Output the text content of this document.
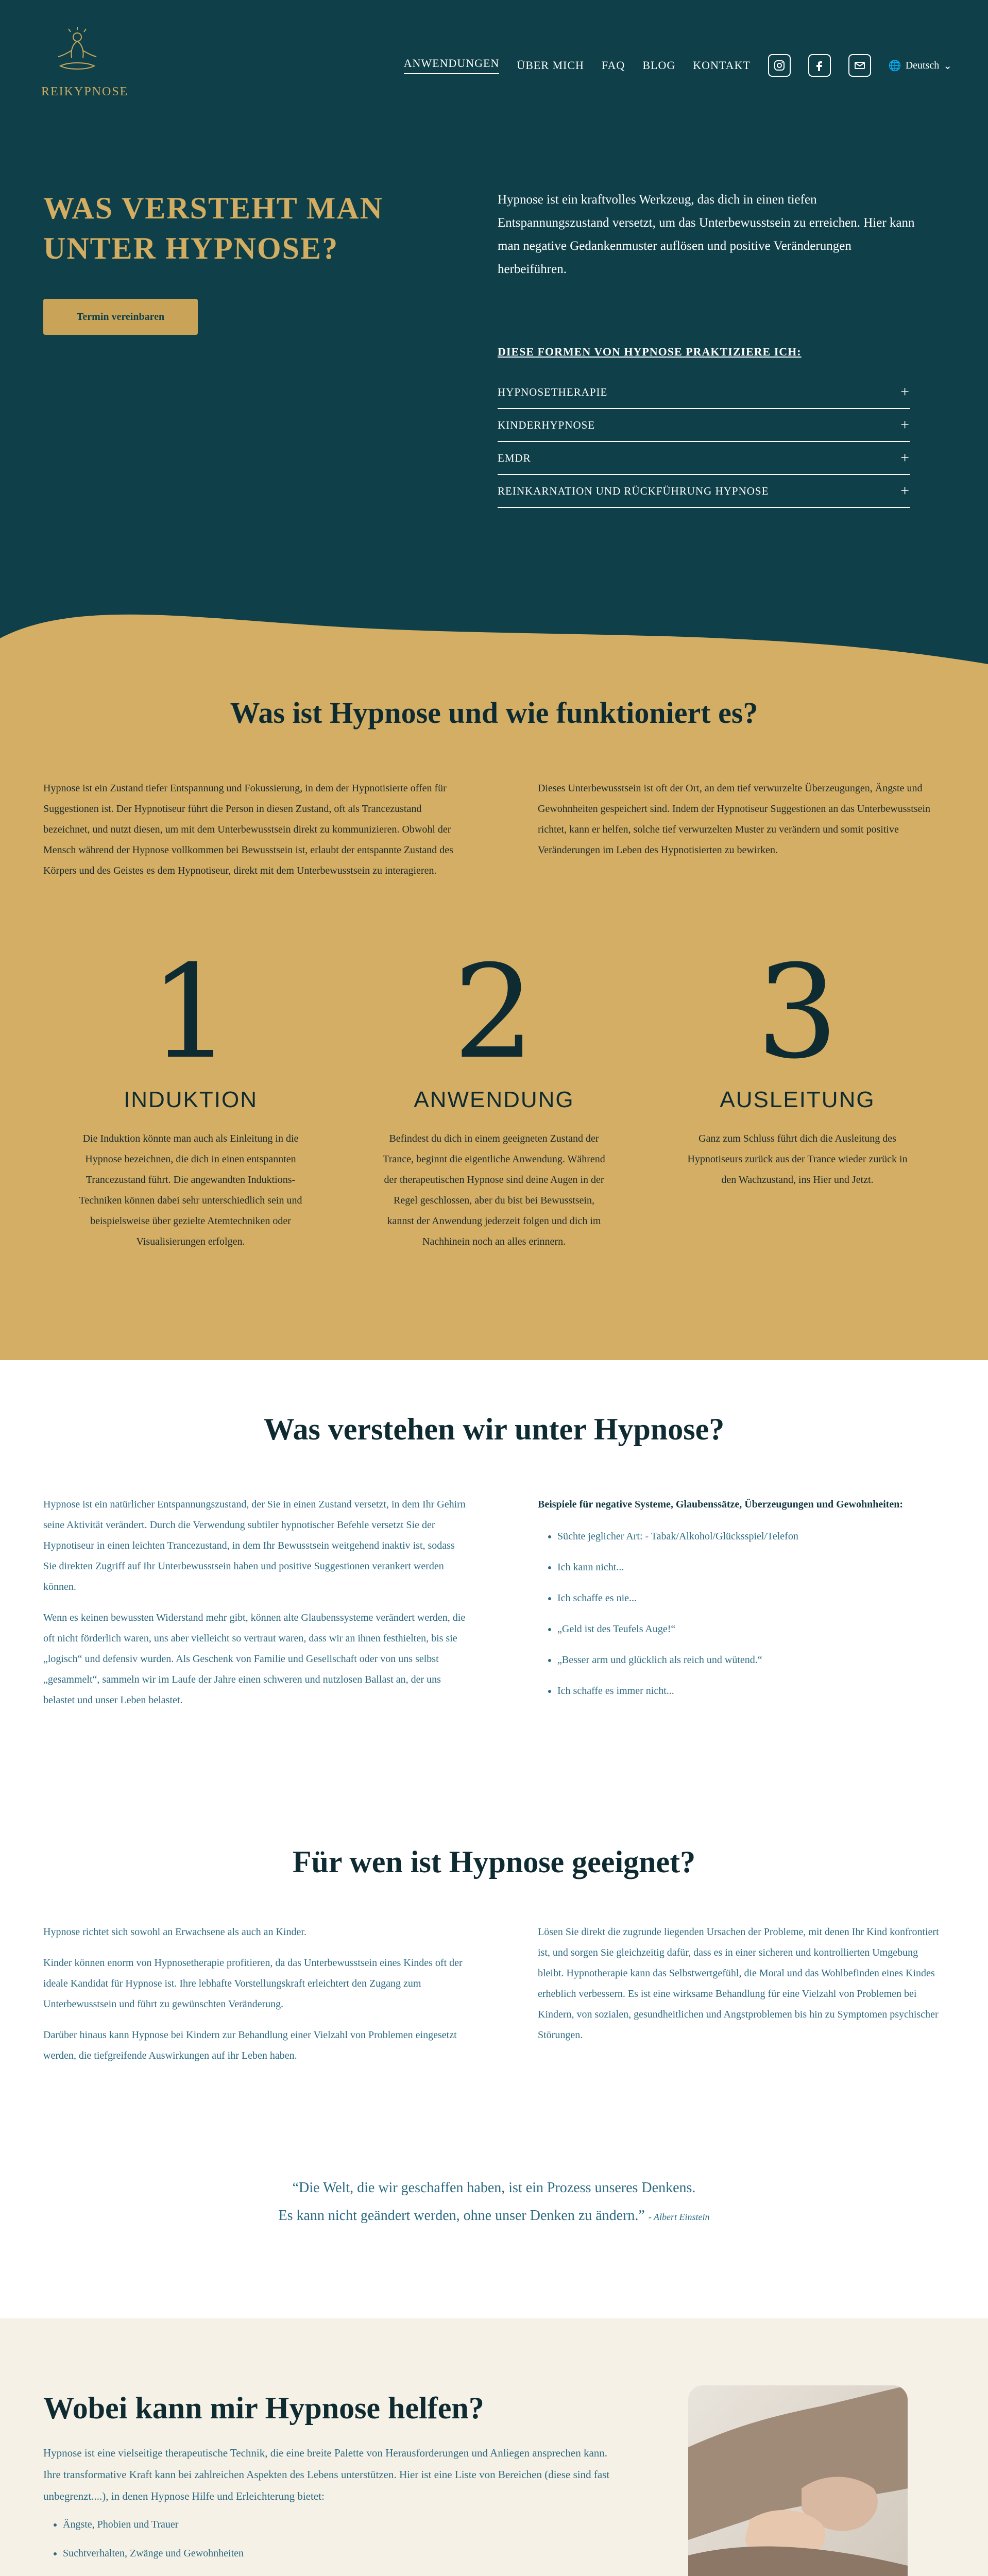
REIKYPNOSE
ANWENDUNGEN ÜBER MICH FAQ BLOG KONTAKT	🌐 Deutsch ⌄
WAS VERSTEHT MAN UNTER HYPNOSE?
Termin vereinbaren

Hypnose ist ein kraftvolles Werkzeug, das dich in einen tiefen Entspannungszustand versetzt, um das Unterbewusstsein zu erreichen. Hier kann man negative Gedankenmuster auflösen und positive Veränderungen herbeiführen.

DIESE FORMEN VON HYPNOSE PRAKTIZIERE ICH:
HYPNOSETHERAPIE	+
KINDERHYPNOSE	+
EMDR	+
REINKARNATION UND RÜCKFÜHRUNG HYPNOSE	+
Was ist Hypnose und wie funktioniert es?

Hypnose ist ein Zustand tiefer Entspannung und Fokussierung, in dem der Hypnotisierte offen für Suggestionen ist. Der Hypnotiseur führt die Person in diesen Zustand, oft als Trancezustand bezeichnet, und nutzt diesen, um mit dem Unterbewusstsein direkt zu kommunizieren. Obwohl der Mensch während der Hypnose vollkommen bei Bewusstsein ist, erlaubt der entspannte Zustand des Körpers und des Geistes es dem Hypnotiseur, direkt mit dem Unterbewusstsein zu interagieren.

Dieses Unterbewusstsein ist oft der Ort, an dem tief verwurzelte Überzeugungen, Ängste und Gewohnheiten gespeichert sind. Indem der Hypnotiseur Suggestionen an das Unterbewusstsein richtet, kann er helfen, solche tief verwurzelten Muster zu verändern und somit positive Veränderungen im Leben des Hypnotisierten zu bewirken.

1
INDUKTION
Die Induktion könnte man auch als Einleitung in die Hypnose bezeichnen, die dich in einen entspannten Trancezustand führt. Die angewandten Induktions-Techniken können dabei sehr unterschiedlich sein und beispielsweise über gezielte Atemtechniken oder Visualisierungen erfolgen.
2
ANWENDUNG
Befindest du dich in einem geeigneten Zustand der Trance, beginnt die eigentliche Anwendung. Während der therapeutischen Hypnose sind deine Augen in der Regel geschlossen, aber du bist bei Bewusstsein, kannst der Anwendung jederzeit folgen und dich im Nachhinein noch an alles erinnern.
3
AUSLEITUNG
Ganz zum Schluss führt dich die Ausleitung des Hypnotiseurs zurück aus der Trance wieder zurück in den Wachzustand, ins Hier und Jetzt.
Was verstehen wir unter Hypnose?

Hypnose ist ein natürlicher Entspannungszustand, der Sie in einen Zustand versetzt, in dem Ihr Gehirn seine Aktivität verändert. Durch die Verwendung subtiler hypnotischer Befehle versetzt Sie der Hypnotiseur in einen leichten Trancezustand, in dem Ihr Bewusstsein weitgehend inaktiv ist, sodass Sie direkten Zugriff auf Ihr Unterbewusstsein haben und positive Suggestionen verankert werden können.

Wenn es keinen bewussten Widerstand mehr gibt, können alte Glaubenssysteme verändert werden, die oft nicht förderlich waren, uns aber vielleicht so vertraut waren, dass wir an ihnen festhielten, bis sie „logisch“ und defensiv wurden. Als Geschenk von Familie und Gesellschaft oder von uns selbst „gesammelt“, sammeln wir im Laufe der Jahre einen schweren und nutzlosen Ballast an, der uns belastet und unser Leben belastet.

Beispiele für negative Systeme, Glaubenssätze, Überzeugungen und Gewohnheiten:
• Süchte jeglicher Art: - Tabak/Alkohol/Glücksspiel/Telefon
• Ich kann nicht...
• Ich schaffe es nie...
• „Geld ist des Teufels Auge!“
• „Besser arm und glücklich als reich und wütend.“
• Ich schaffe es immer nicht...
Für wen ist Hypnose geeignet?

Hypnose richtet sich sowohl an Erwachsene als auch an Kinder.

Kinder können enorm von Hypnosetherapie profitieren, da das Unterbewusstsein eines Kindes oft der ideale Kandidat für Hypnose ist. Ihre lebhafte Vorstellungskraft erleichtert den Zugang zum Unterbewusstsein und führt zu gewünschten Veränderung.

Darüber hinaus kann Hypnose bei Kindern zur Behandlung einer Vielzahl von Problemen eingesetzt werden, die tiefgreifende Auswirkungen auf ihr Leben haben.

Lösen Sie direkt die zugrunde liegenden Ursachen der Probleme, mit denen Ihr Kind konfrontiert ist, und sorgen Sie gleichzeitig dafür, dass es in einer sicheren und kontrollierten Umgebung bleibt. Hypnotherapie kann das Selbstwertgefühl, die Moral und das Wohlbefinden eines Kindes erheblich verbessern. Es ist eine wirksame Behandlung für eine Vielzahl von Problemen bei Kindern, von sozialen, gesundheitlichen und Angstproblemen bis hin zu Symptomen psychischer Störungen.

“Die Welt, die wir geschaffen haben, ist ein Prozess unseres Denkens.
Es kann nicht geändert werden, ohne unser Denken zu ändern.” - Albert Einstein
Wobei kann mir Hypnose helfen?

Hypnose ist eine vielseitige therapeutische Technik, die eine breite Palette von Herausforderungen und Anliegen ansprechen kann. Ihre transformative Kraft kann bei zahlreichen Aspekten des Lebens unterstützen. Hier ist eine Liste von Bereichen (diese sind fast unbegrenzt....), in denen Hypnose Hilfe und Erleichterung bietet:

• Ängste, Phobien und Trauer
• Suchtverhalten, Zwänge und Gewohnheiten
•
